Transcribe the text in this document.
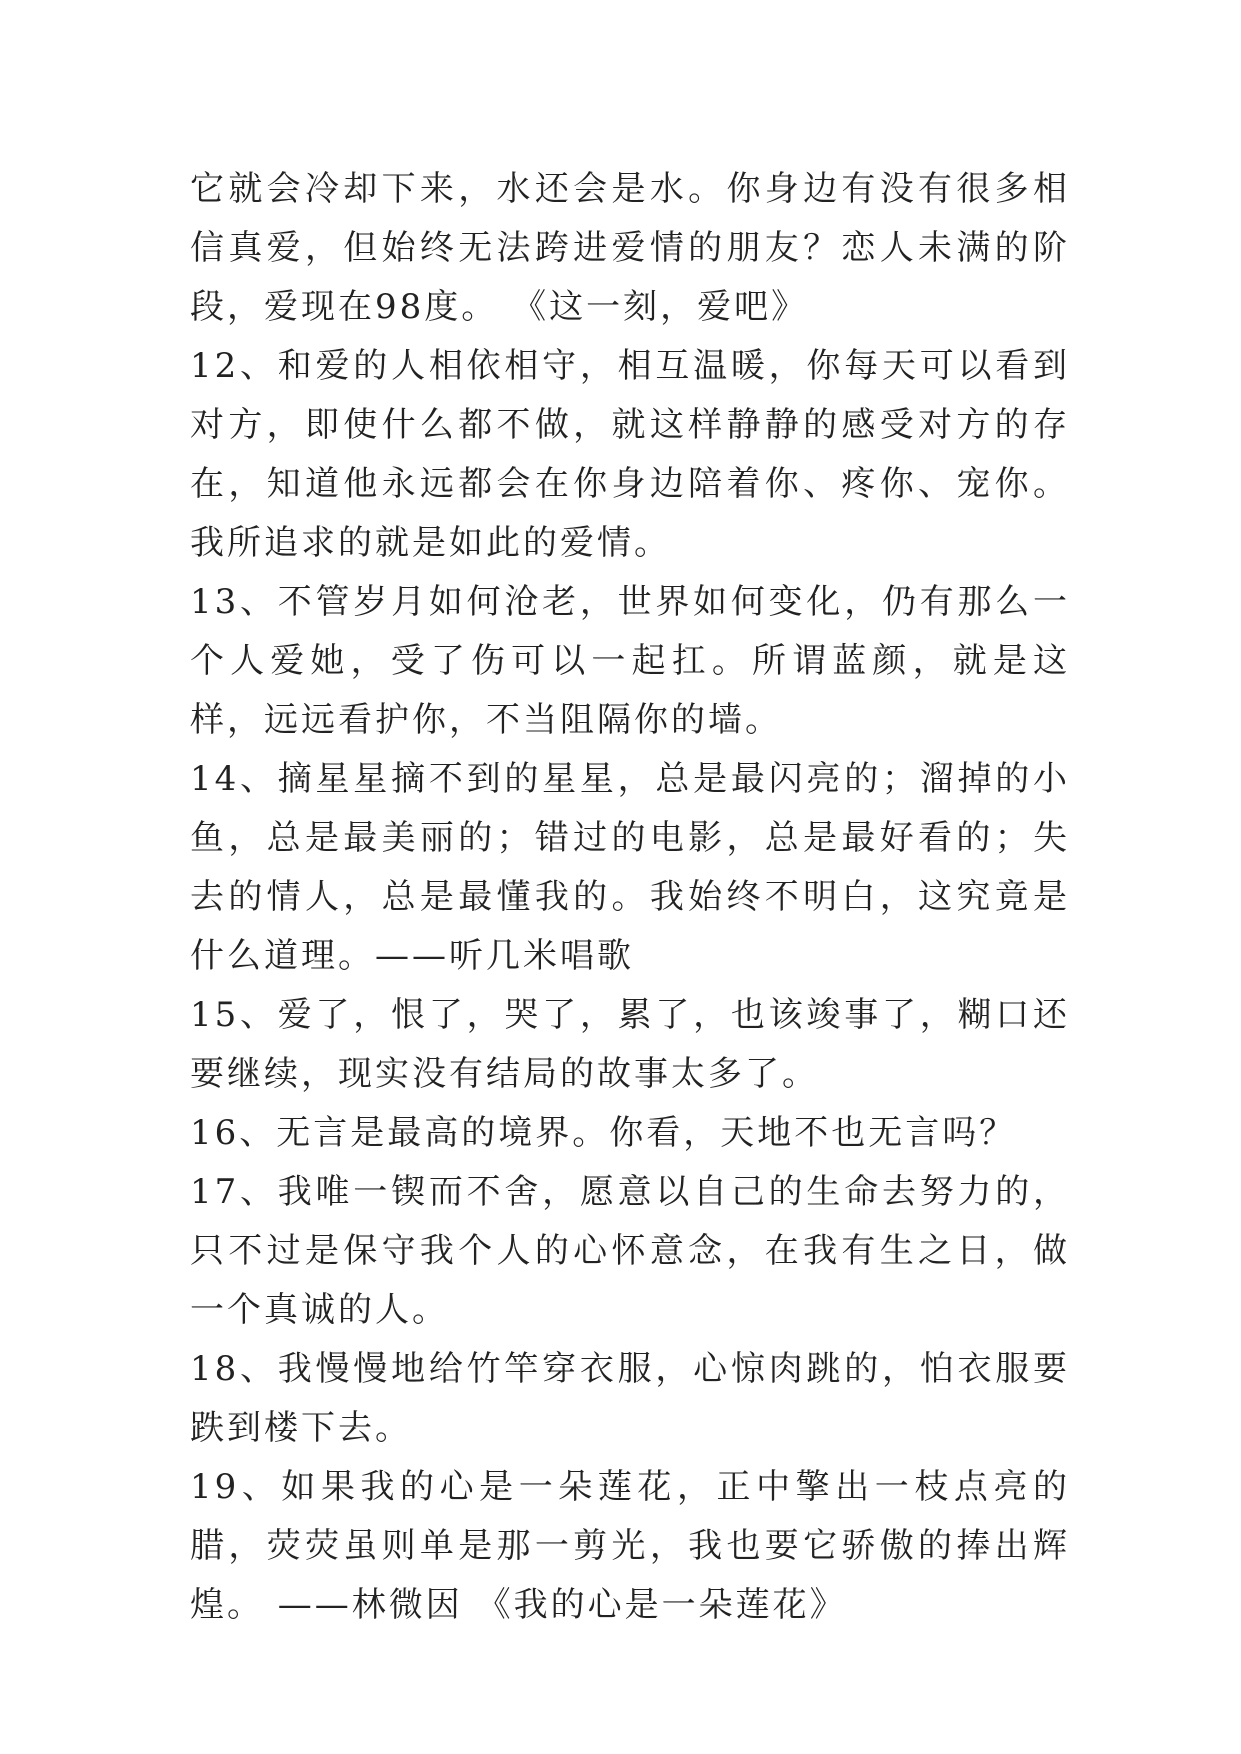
它就会冷却下来，水还会是水。你身边有没有很多相信真爱，但始终无法跨进爱情的朋友？恋人未满的阶段，爱现在98度。 《这一刻，爱吧》

12、和爱的人相依相守，相互温暖，你每天可以看到对方，即使什么都不做，就这样静静的感受对方的存在，知道他永远都会在你身边陪着你、疼你、宠你。我所追求的就是如此的爱情。

13、不管岁月如何沧老，世界如何变化，仍有那么一个人爱她，受了伤可以一起扛。所谓蓝颜，就是这样，远远看护你，不当阻隔你的墙。

14、摘星星摘不到的星星，总是最闪亮的；溜掉的小鱼，总是最美丽的；错过的电影，总是最好看的；失去的情人，总是最懂我的。我始终不明白，这究竟是什么道理。——听几米唱歌

15、爱了，恨了，哭了，累了，也该竣事了，糊口还要继续，现实没有结局的故事太多了。

16、无言是最高的境界。你看，天地不也无言吗？

17、我唯一锲而不舍，愿意以自己的生命去努力的，只不过是保守我个人的心怀意念，在我有生之日，做一个真诚的人。

18、我慢慢地给竹竿穿衣服，心惊肉跳的，怕衣服要跌到楼下去。

19、如果我的心是一朵莲花，正中擎出一枝点亮的腊，荧荧虽则单是那一剪光，我也要它骄傲的捧出辉煌。 ——林微因 《我的心是一朵莲花》
